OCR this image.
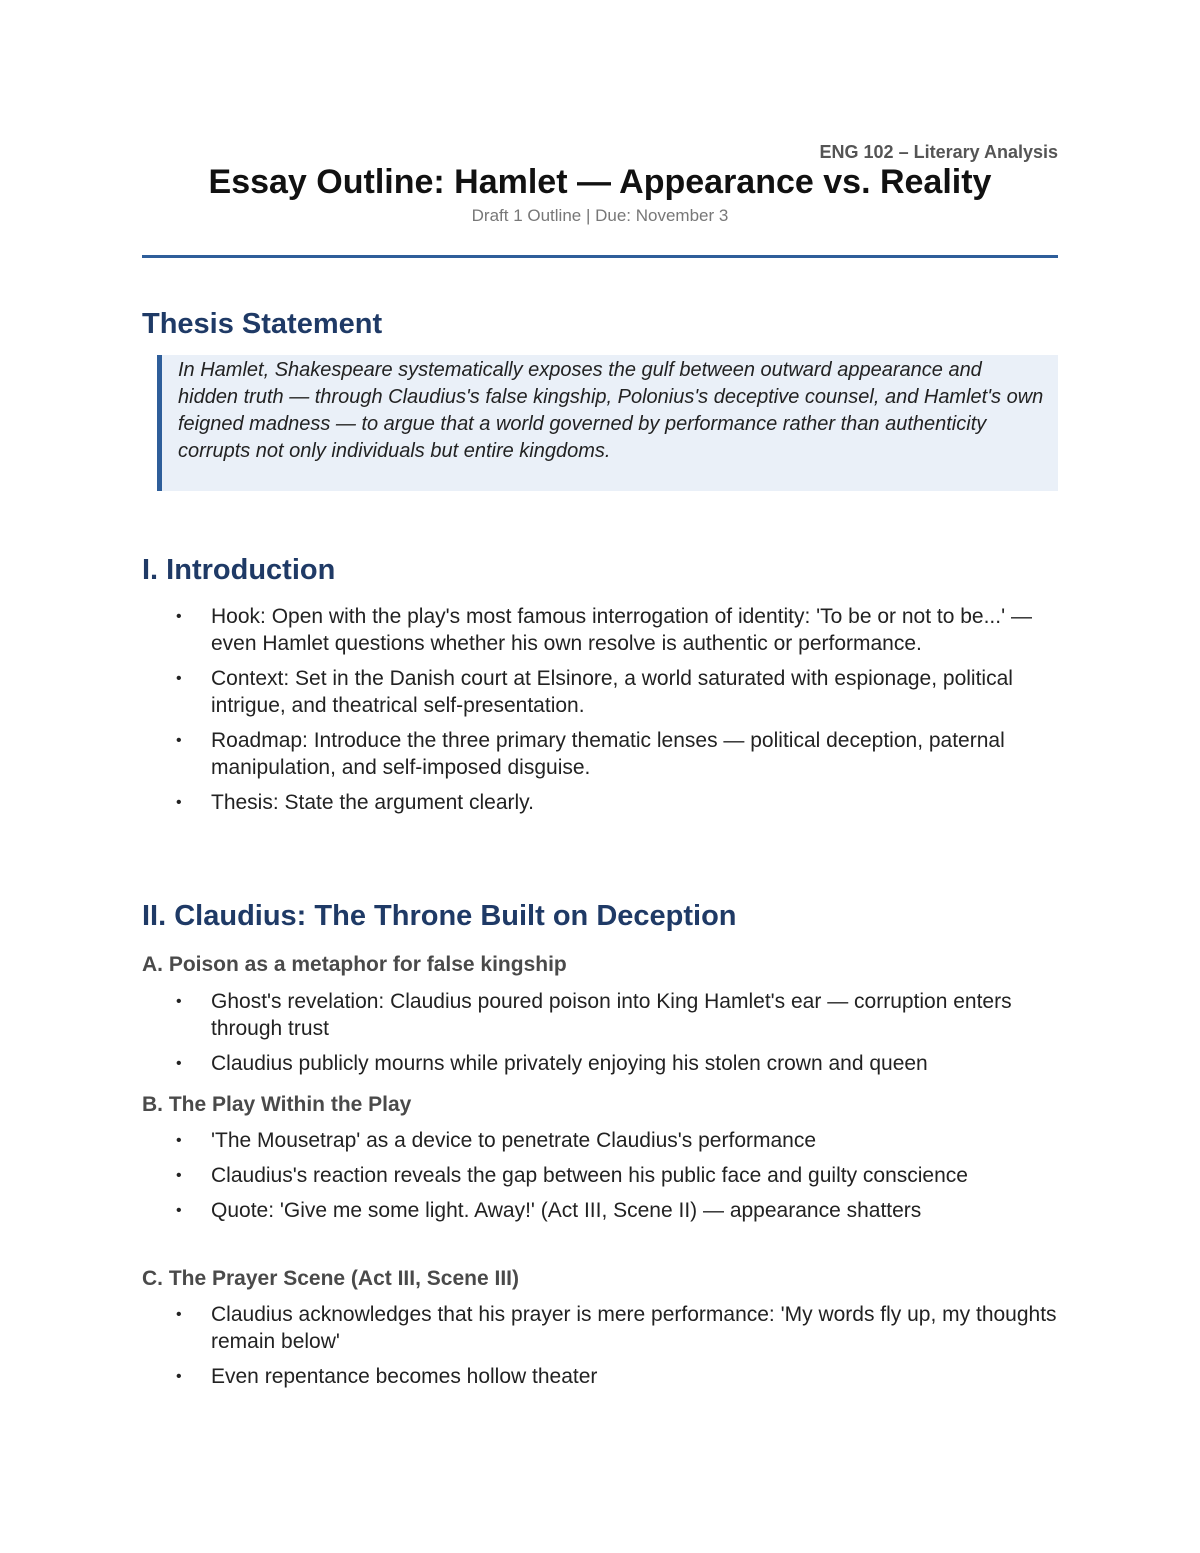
ENG 102 – Literary Analysis
Essay Outline: Hamlet — Appearance vs. Reality
Draft 1 Outline | Due: November 3
Thesis Statement
In Hamlet, Shakespeare systematically exposes the gulf between outward appearance and hidden truth — through Claudius's false kingship, Polonius's deceptive counsel, and Hamlet's own feigned madness — to argue that a world governed by performance rather than authenticity corrupts not only individuals but entire kingdoms.
I. Introduction
• Hook: Open with the play's most famous interrogation of identity: 'To be or not to be...' — even Hamlet questions whether his own resolve is authentic or performance.
• Context: Set in the Danish court at Elsinore, a world saturated with espionage, political intrigue, and theatrical self-presentation.
• Roadmap: Introduce the three primary thematic lenses — political deception, paternal manipulation, and self-imposed disguise.
• Thesis: State the argument clearly.
II. Claudius: The Throne Built on Deception
A. Poison as a metaphor for false kingship
• Ghost's revelation: Claudius poured poison into King Hamlet's ear — corruption enters through trust
• Claudius publicly mourns while privately enjoying his stolen crown and queen
B. The Play Within the Play
• 'The Mousetrap' as a device to penetrate Claudius's performance
• Claudius's reaction reveals the gap between his public face and guilty conscience
• Quote: 'Give me some light. Away!' (Act III, Scene II) — appearance shatters
C. The Prayer Scene (Act III, Scene III)
• Claudius acknowledges that his prayer is mere performance: 'My words fly up, my thoughts remain below'
• Even repentance becomes hollow theater
